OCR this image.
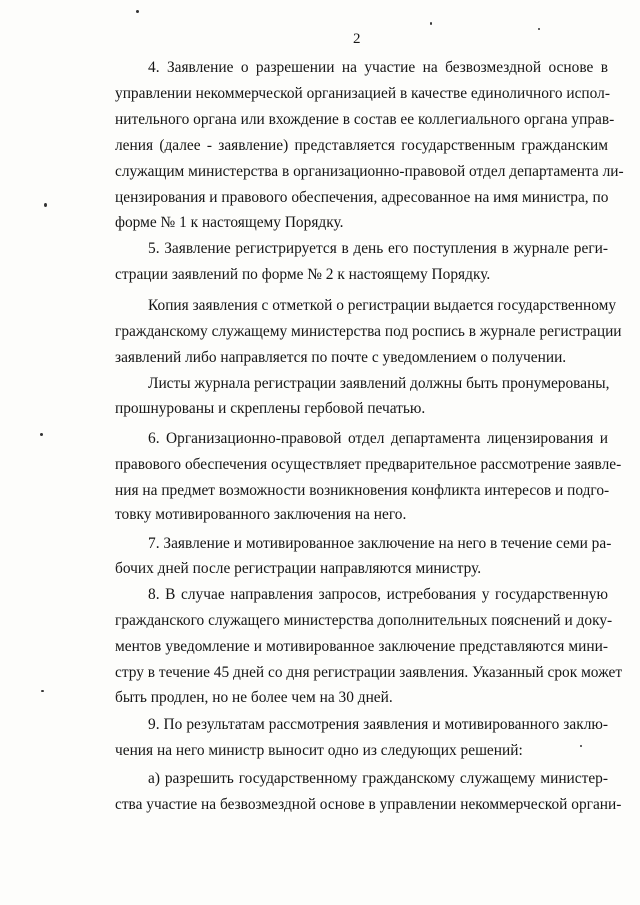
2
4. Заявление о разрешении на участие на безвозмездной основе в
управлении некоммерческой организацией в качестве единоличного испол-
нительного органа или вхождение в состав ее коллегиального органа управ-
ления (далее - заявление) представляется государственным гражданским
служащим министерства в организационно-правовой отдел департамента ли-
цензирования и правового обеспечения, адресованное на имя министра, по
форме № 1 к настоящему Порядку.
5. Заявление регистрируется в день его поступления в журнале реги-
страции заявлений по форме № 2 к настоящему Порядку.
Копия заявления с отметкой о регистрации выдается государственному
гражданскому служащему министерства под роспись в журнале регистрации
заявлений либо направляется по почте с уведомлением о получении.
Листы журнала регистрации заявлений должны быть пронумерованы,
прошнурованы и скреплены гербовой печатью.
6. Организационно-правовой отдел департамента лицензирования и
правового обеспечения осуществляет предварительное рассмотрение заявле-
ния на предмет возможности возникновения конфликта интересов и подго-
товку мотивированного заключения на него.
7. Заявление и мотивированное заключение на него в течение семи ра-
бочих дней после регистрации направляются министру.
8. В случае направления запросов, истребования у государственную
гражданского служащего министерства дополнительных пояснений и доку-
ментов уведомление и мотивированное заключение представляются мини-
стру в течение 45 дней со дня регистрации заявления. Указанный срок может
быть продлен, но не более чем на 30 дней.
9. По результатам рассмотрения заявления и мотивированного заклю-
чения на него министр выносит одно из следующих решений:
а) разрешить государственному гражданскому служащему министер-
ства участие на безвозмездной основе в управлении некоммерческой органи-
